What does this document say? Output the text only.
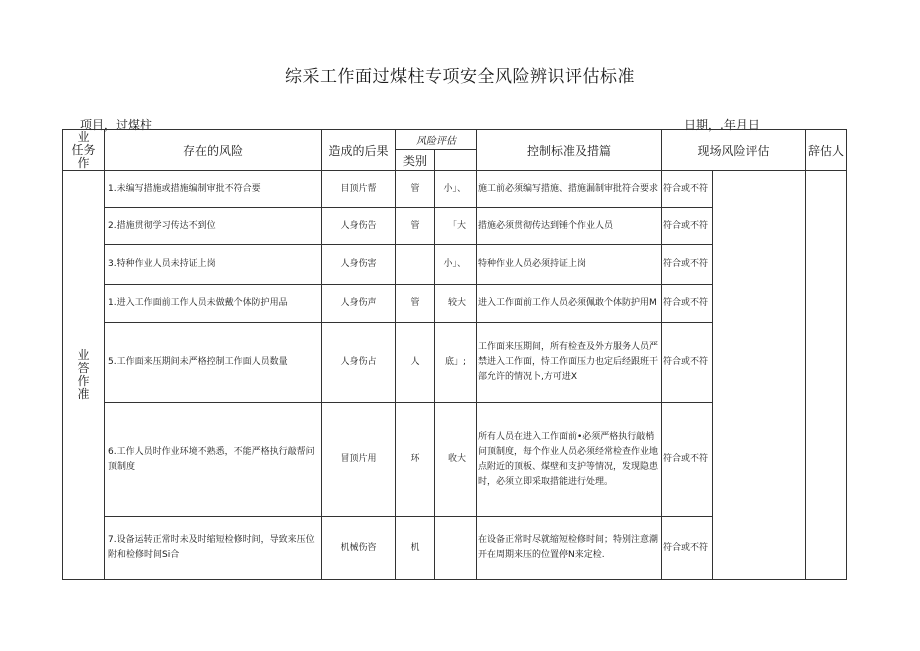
综采工作面过煤柱专项安全风险辨识评估标准
项目，过煤柱	日期，.年月日
业
任务
作	存在的风险	造成的后果	风险评估		控制标准及措篇	现场风险评估		辞估人
			类别					

业
答
作
准	1.未编写措施或措施编制审批不符合要	目顶片帮	管	小」、	施工前必须编写措施、措施漏制审批符合要求	符合或不符		
	2.措施贯彻学习传达不到位	人身伤告	管	「大	措施必须贯彻传达到锤个作业人员	符合或不符		
	3.特种作业人员未持证上岗	人身伤害		小」、	特种作业人员必须持证上岗	符合或不符		
	1.进入工作面前工作人员未做戴个体防护用品	人身伤声	管	较大	进入工作面前工作人员必须佩敢个体防护用M	符合或不符		
	5.工作面来压期间未严格控制工作面人员数量	人身伤占	人	底」;	工作面来压期间，所有检查及外方服务人员严禁进入工作面，恃工作面压力也定后经跟班干部允许的情况卜,方可进X	符合或不符		
	6.工作人员时作业环境不熟悉，不能严格执行敲帮问顶制度	冒顶片用	环	收大	所有人员在进入工作面前•必须严格执行敲梢问顶制度，每个作业人员必须经常检查作业地点附近的顶板、煤壁和支护等情况，发现隐患时，必须立即采取措能进行处理。	符合或不符		
	7.设备运转正常时未及时缩短检修时间，导致来压位附和检修时间Si合	机械伤咨	机		在设备正常时尽就缩短检修时间；特别注意潮开在周期来压的位置停N来定检.	符合或不符		
